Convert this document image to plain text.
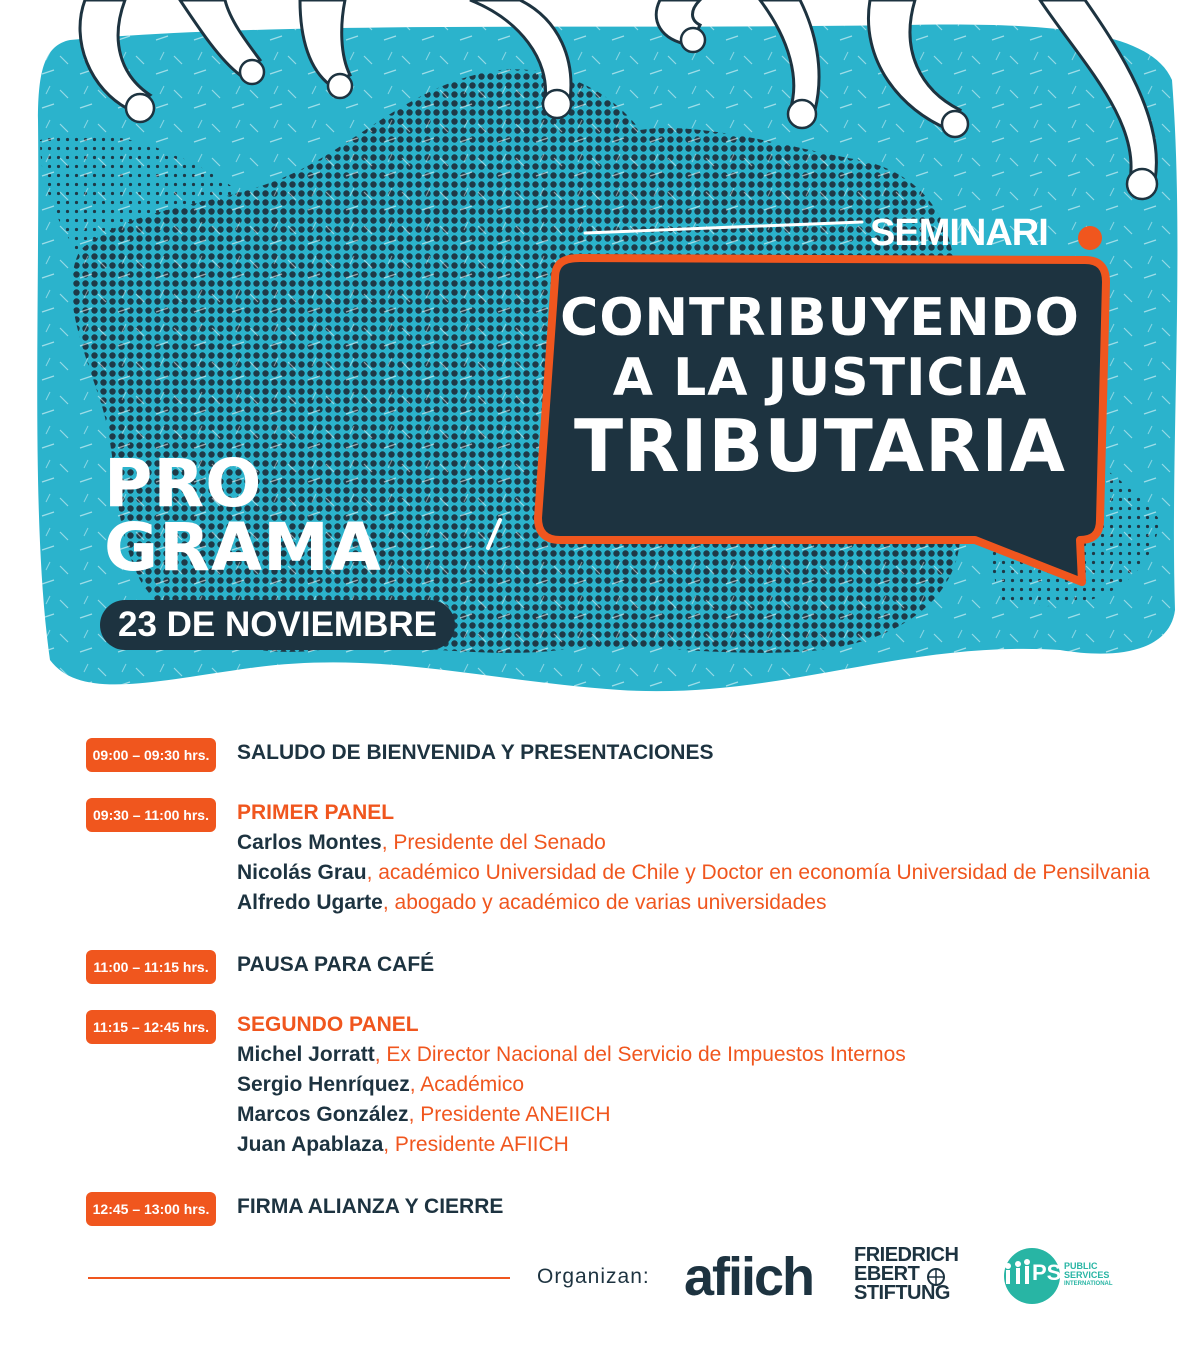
SEMINARI
CONTRIBUYENDO
A LA JUSTICIA
TRIBUTARIA
PRO
GRAMA
23 DE NOVIEMBRE
09:00 – 09:30 hrs.	SALUDO DE BIENVENIDA Y PRESENTACIONES
09:30 – 11:00 hrs.	PRIMER PANEL
Carlos Montes, Presidente del Senado
Nicolás Grau, académico Universidad de Chile y Doctor en economía Universidad de Pensilvania
Alfredo Ugarte, abogado y académico de varias universidades
11:00 – 11:15 hrs.	PAUSA PARA CAFÉ
11:15 – 12:45 hrs.	SEGUNDO PANEL
Michel Jorratt, Ex Director Nacional del Servicio de Impuestos Internos
Sergio Henríquez, Académico
Marcos González, Presidente ANEIICH
Juan Apablaza, Presidente AFIICH
12:45 – 13:00 hrs.	FIRMA ALIANZA Y CIERRE
Organizan: afiich FRIEDRICH
EBERT
STIFTUNG
PSI
PUBLIC
SERVICES
INTERNATIONAL
